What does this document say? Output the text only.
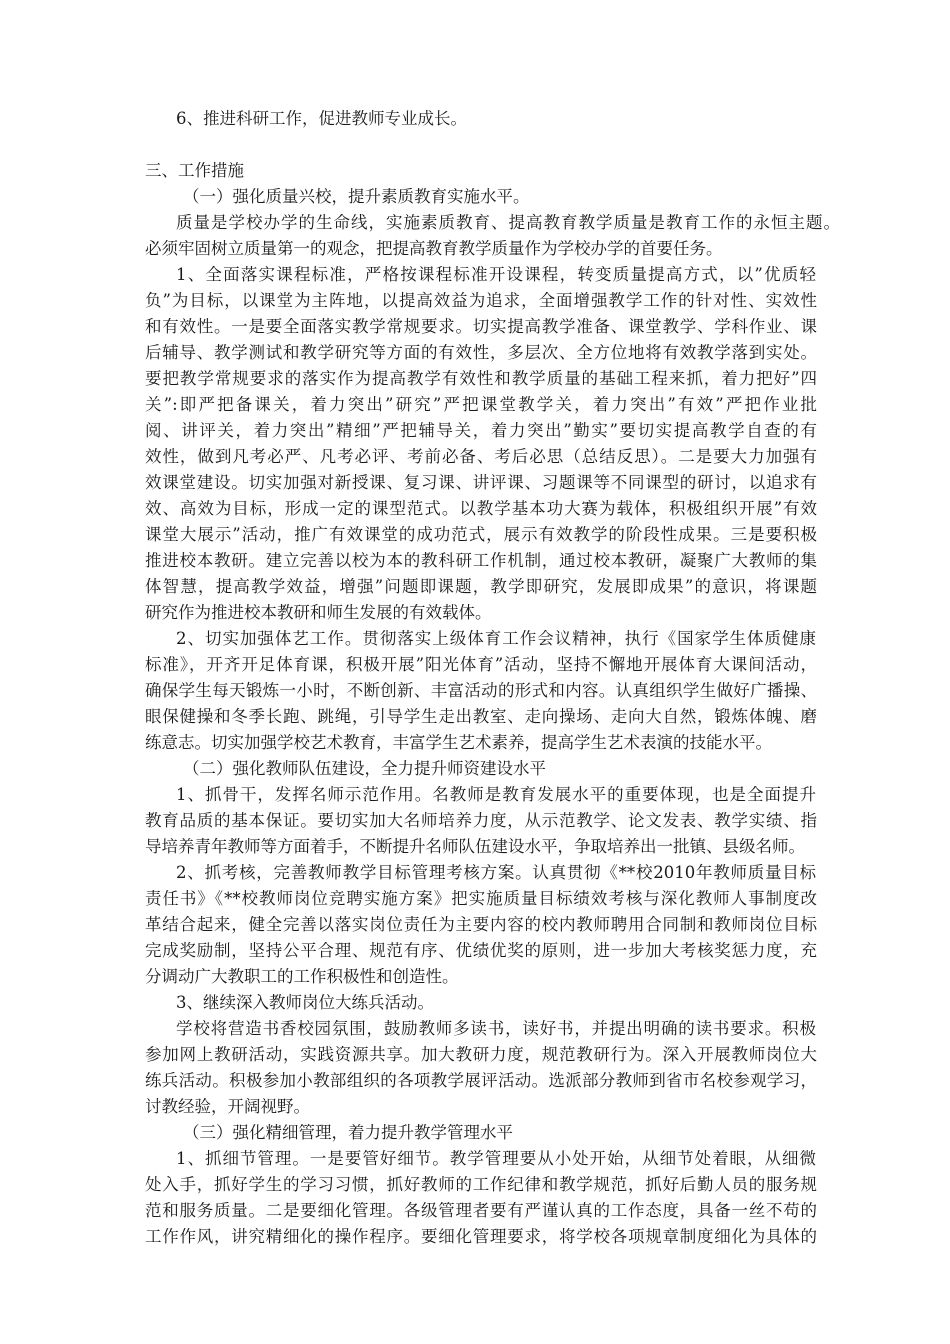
6、推进科研工作，促进教师专业成长。
三、工作措施
（一）强化质量兴校，提升素质教育实施水平。
质量是学校办学的生命线，实施素质教育、提高教育教学质量是教育工作的永恒主题。
必须牢固树立质量第一的观念，把提高教育教学质量作为学校办学的首要任务。
1、全面落实课程标准，严格按课程标准开设课程，转变质量提高方式，以”优质轻
负”为目标，以课堂为主阵地，以提高效益为追求，全面增强教学工作的针对性、实效性
和有效性。一是要全面落实教学常规要求。切实提高教学准备、课堂教学、学科作业、课
后辅导、教学测试和教学研究等方面的有效性，多层次、全方位地将有效教学落到实处。
要把教学常规要求的落实作为提高教学有效性和教学质量的基础工程来抓，着力把好”四
关”:即严把备课关，着力突出”研究”严把课堂教学关，着力突出”有效”严把作业批
阅、讲评关，着力突出”精细”严把辅导关，着力突出”勤实”要切实提高教学自查的有
效性，做到凡考必严、凡考必评、考前必备、考后必思（总结反思）。二是要大力加强有
效课堂建设。切实加强对新授课、复习课、讲评课、习题课等不同课型的研讨，以追求有
效、高效为目标，形成一定的课型范式。以教学基本功大赛为载体，积极组织开展”有效
课堂大展示”活动，推广有效课堂的成功范式，展示有效教学的阶段性成果。三是要积极
推进校本教研。建立完善以校为本的教科研工作机制，通过校本教研，凝聚广大教师的集
体智慧，提高教学效益，增强”问题即课题，教学即研究，发展即成果”的意识，将课题
研究作为推进校本教研和师生发展的有效载体。
2、切实加强体艺工作。贯彻落实上级体育工作会议精神，执行《国家学生体质健康
标准》，开齐开足体育课，积极开展”阳光体育”活动，坚持不懈地开展体育大课间活动，
确保学生每天锻炼一小时，不断创新、丰富活动的形式和内容。认真组织学生做好广播操、
眼保健操和冬季长跑、跳绳，引导学生走出教室、走向操场、走向大自然，锻炼体魄、磨
练意志。切实加强学校艺术教育，丰富学生艺术素养，提高学生艺术表演的技能水平。
（二）强化教师队伍建设，全力提升师资建设水平
1、抓骨干，发挥名师示范作用。名教师是教育发展水平的重要体现，也是全面提升
教育品质的基本保证。要切实加大名师培养力度，从示范教学、论文发表、教学实绩、指
导培养青年教师等方面着手，不断提升名师队伍建设水平，争取培养出一批镇、县级名师。
2、抓考核，完善教师教学目标管理考核方案。认真贯彻《**校2010年教师质量目标
责任书》《**校教师岗位竞聘实施方案》把实施质量目标绩效考核与深化教师人事制度改
革结合起来，健全完善以落实岗位责任为主要内容的校内教师聘用合同制和教师岗位目标
完成奖励制，坚持公平合理、规范有序、优绩优奖的原则，进一步加大考核奖惩力度，充
分调动广大教职工的工作积极性和创造性。
3、继续深入教师岗位大练兵活动。
学校将营造书香校园氛围，鼓励教师多读书，读好书，并提出明确的读书要求。积极
参加网上教研活动，实践资源共享。加大教研力度，规范教研行为。深入开展教师岗位大
练兵活动。积极参加小教部组织的各项教学展评活动。选派部分教师到省市名校参观学习，
讨教经验，开阔视野。
（三）强化精细管理，着力提升教学管理水平
1、抓细节管理。一是要管好细节。教学管理要从小处开始，从细节处着眼，从细微
处入手，抓好学生的学习习惯，抓好教师的工作纪律和教学规范，抓好后勤人员的服务规
范和服务质量。二是要细化管理。各级管理者要有严谨认真的工作态度，具备一丝不苟的
工作作风，讲究精细化的操作程序。要细化管理要求，将学校各项规章制度细化为具体的
